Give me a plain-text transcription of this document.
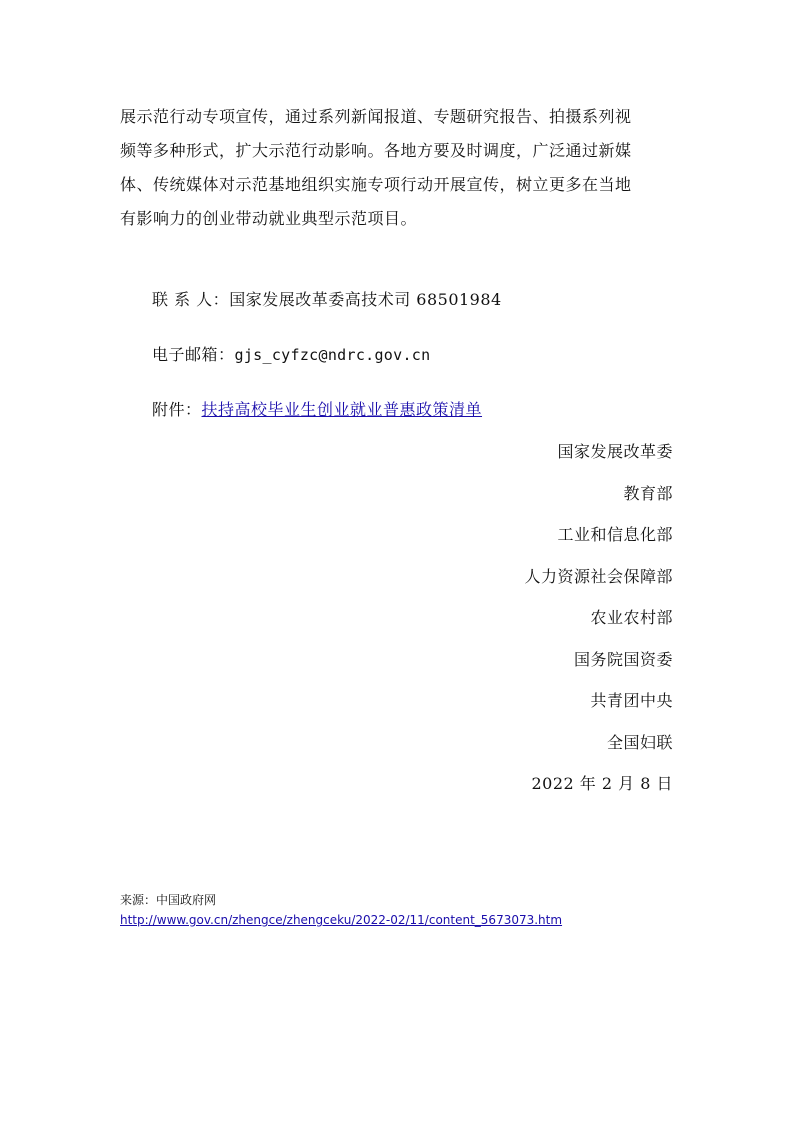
展示范行动专项宣传，通过系列新闻报道、专题研究报告、拍摄系列视
频等多种形式，扩大示范行动影响。各地方要及时调度，广泛通过新媒
体、传统媒体对示范基地组织实施专项行动开展宣传，树立更多在当地
有影响力的创业带动就业典型示范项目。
联 系 人：国家发展改革委高技术司 68501984
电子邮箱：gjs_cyfzc@ndrc.gov.cn
附件：扶持高校毕业生创业就业普惠政策清单
国家发展改革委
教育部
工业和信息化部
人力资源社会保障部
农业农村部
国务院国资委
共青团中央
全国妇联
2022 年 2 月 8 日
来源：中国政府网
http://www.gov.cn/zhengce/zhengceku/2022-02/11/content_5673073.htm
